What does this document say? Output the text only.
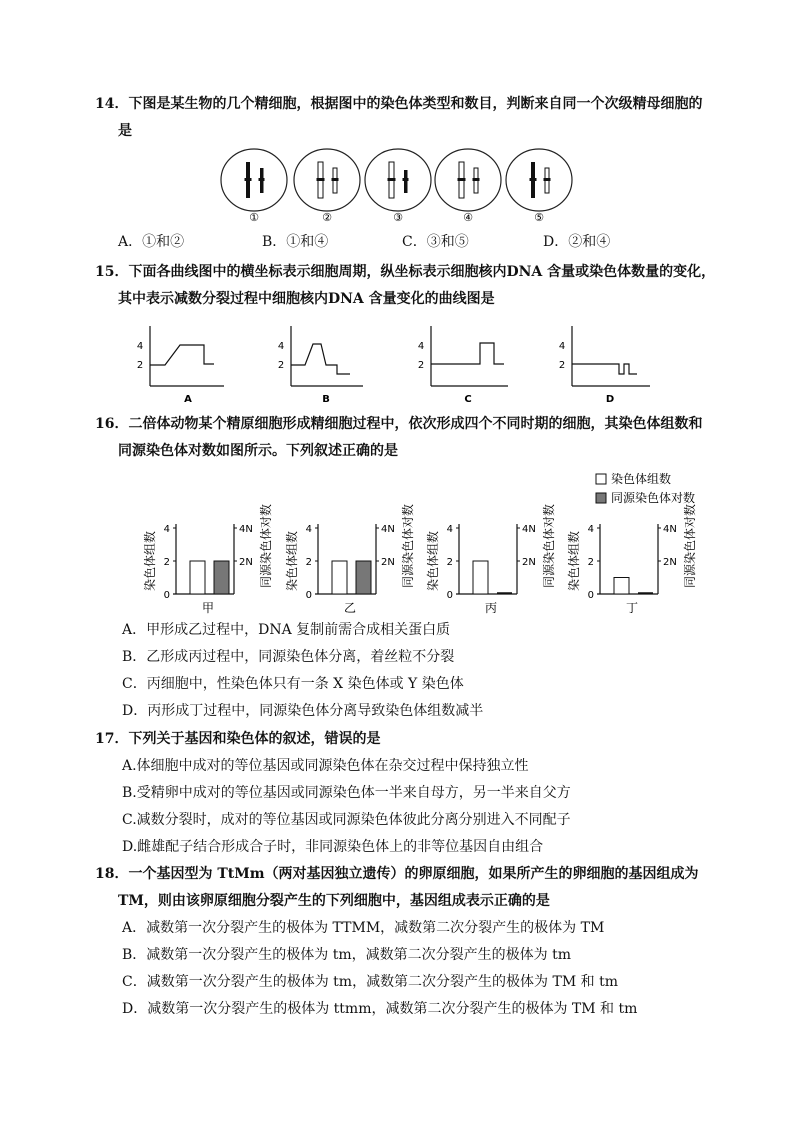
14．下图是某生物的几个精细胞，根据图中的染色体类型和数目，判断来自同一个次级精母细胞的
是
①	②	③	④	⑤
A．①和②	B．①和④	C．③和⑤	D．②和④
15．下面各曲线图中的横坐标表示细胞周期，纵坐标表示细胞核内DNA 含量或染色体数量的变化，
其中表示减数分裂过程中细胞核内DNA 含量变化的曲线图是
4
2
A
4
2
B
4
2
C
4
2
D
16．二倍体动物某个精原细胞形成精细胞过程中，依次形成四个不同时期的细胞，其染色体组数和
同源染色体对数如图所示。下列叙述正确的是
染色体组数
同源染色体对数
4
2
0
4N
2N
染色体组数	同源染色体对数
甲
4
2
0
4N
2N
染色体组数	同源染色体对数
乙
4
2
0
4N
2N
染色体组数	同源染色体对数
丙
4
2
0
4N
2N
染色体组数	同源染色体对数
丁
A．甲形成乙过程中，DNA 复制前需合成相关蛋白质
B．乙形成丙过程中，同源染色体分离，着丝粒不分裂
C．丙细胞中，性染色体只有一条 X 染色体或 Y 染色体
D．丙形成丁过程中，同源染色体分离导致染色体组数减半
17．下列关于基因和染色体的叙述，错误的是
A.体细胞中成对的等位基因或同源染色体在杂交过程中保持独立性
B.受精卵中成对的等位基因或同源染色体一半来自母方，另一半来自父方
C.减数分裂时，成对的等位基因或同源染色体彼此分离分别进入不同配子
D.雌雄配子结合形成合子时，非同源染色体上的非等位基因自由组合
18．一个基因型为 TtMm（两对基因独立遗传）的卵原细胞，如果所产生的卵细胞的基因组成为
TM，则由该卵原细胞分裂产生的下列细胞中，基因组成表示正确的是
A．减数第一次分裂产生的极体为 TTMM，减数第二次分裂产生的极体为 TM
B．减数第一次分裂产生的极体为 tm，减数第二次分裂产生的极体为 tm
C．减数第一次分裂产生的极体为 tm，减数第二次分裂产生的极体为 TM 和 tm
D．减数第一次分裂产生的极体为 ttmm，减数第二次分裂产生的极体为 TM 和 tm
